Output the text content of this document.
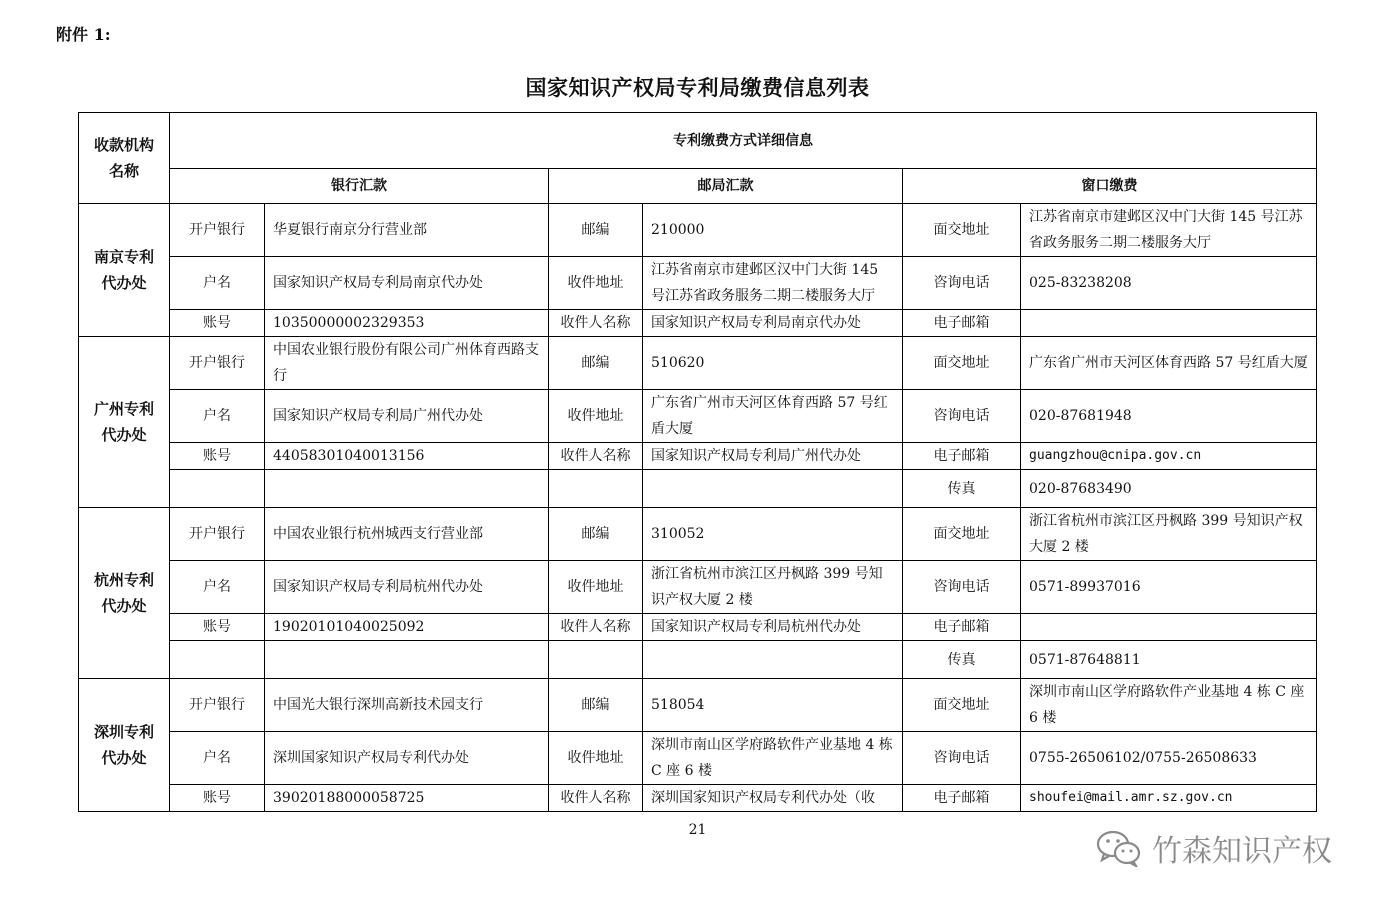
附件 1:
国家知识产权局专利局缴费信息列表
收款机构名称	专利缴费方式详细信息					
	银行汇款		邮局汇款		窗口缴费	
南京专利代办处	开户银行	华夏银行南京分行营业部	邮编	210000	面交地址	江苏省南京市建邺区汉中门大街 145 号江苏省政务服务二期二楼服务大厅
	户名	国家知识产权局专利局南京代办处	收件地址	江苏省南京市建邺区汉中门大街 145 号江苏省政务服务二期二楼服务大厅	咨询电话	025-83238208
	账号	10350000002329353	收件人名称	国家知识产权局专利局南京代办处	电子邮箱	
广州专利代办处	开户银行	中国农业银行股份有限公司广州体育西路支行	邮编	510620	面交地址	广东省广州市天河区体育西路 57 号红盾大厦
	户名	国家知识产权局专利局广州代办处	收件地址	广东省广州市天河区体育西路 57 号红盾大厦	咨询电话	020-87681948
	账号	44058301040013156	收件人名称	国家知识产权局专利局广州代办处	电子邮箱	guangzhou@cnipa.gov.cn
					传真	020-87683490
杭州专利代办处	开户银行	中国农业银行杭州城西支行营业部	邮编	310052	面交地址	浙江省杭州市滨江区丹枫路 399 号知识产权大厦 2 楼
	户名	国家知识产权局专利局杭州代办处	收件地址	浙江省杭州市滨江区丹枫路 399 号知识产权大厦 2 楼	咨询电话	0571-89937016
	账号	19020101040025092	收件人名称	国家知识产权局专利局杭州代办处	电子邮箱	
					传真	0571-87648811
深圳专利代办处	开户银行	中国光大银行深圳高新技术园支行	邮编	518054	面交地址	深圳市南山区学府路软件产业基地 4 栋 C 座 6 楼
	户名	深圳国家知识产权局专利代办处	收件地址	深圳市南山区学府路软件产业基地 4 栋 C 座 6 楼	咨询电话	0755-26506102/0755-26508633
	账号	39020188000058725	收件人名称	深圳国家知识产权局专利代办处（收	电子邮箱	shoufei@mail.amr.sz.gov.cn
21
竹森知识产权
